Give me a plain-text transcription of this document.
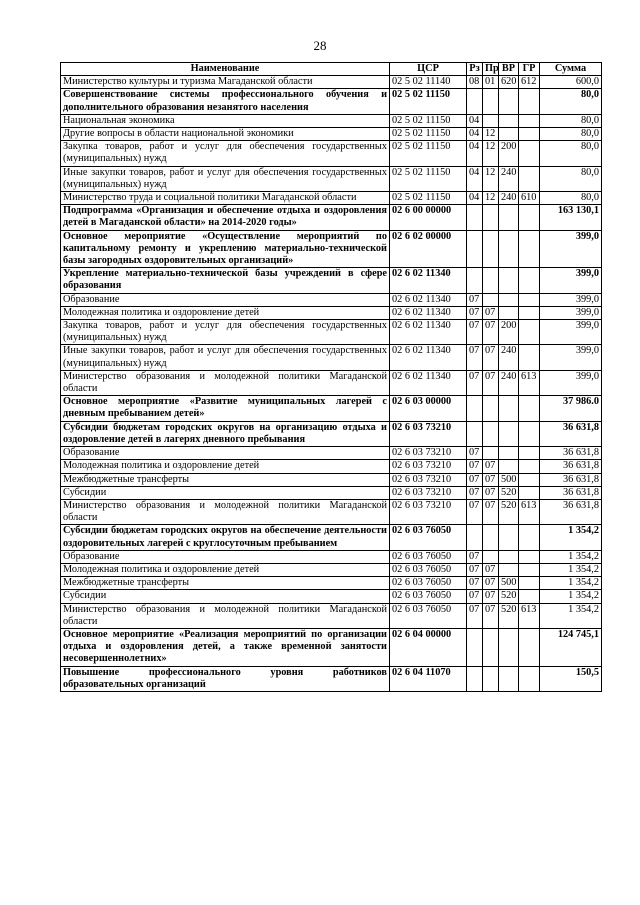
28
Наименование	ЦСР	Рз	Пр	ВР	ГР	Сумма
Министерство культуры и туризма Магаданской области	02 5 02 11140	08	01	620	612	600,0
Совершенствование системы профессионального обучения и дополнительного образования незанятого населения	02 5 02 11150					80,0
Национальная экономика	02 5 02 11150	04				80,0
Другие вопросы в области национальной экономики	02 5 02 11150	04	12			80,0
Закупка товаров, работ и услуг для обеспечения государственных (муниципальных) нужд	02 5 02 11150	04	12	200		80,0
Иные закупки товаров, работ и услуг для обеспечения государственных (муниципальных) нужд	02 5 02 11150	04	12	240		80,0
Министерство труда и социальной политики Магаданской области	02 5 02 11150	04	12	240	610	80,0
Подпрограмма «Организация и обеспечение отдыха и оздоровления детей в Магаданской области» на 2014-2020 годы»	02 6 00 00000					163 130,1
Основное мероприятие «Осуществление мероприятий по капитальному ремонту и укреплению материально-технической базы загородных оздоровительных организаций»	02 6 02 00000					399,0
Укрепление материально-технической базы учреждений в сфере образования	02 6 02 11340					399,0
Образование	02 6 02 11340	07				399,0
Молодежная политика и оздоровление детей	02 6 02 11340	07	07			399,0
Закупка товаров, работ и услуг для обеспечения государственных (муниципальных) нужд	02 6 02 11340	07	07	200		399,0
Иные закупки товаров, работ и услуг для обеспечения государственных (муниципальных) нужд	02 6 02 11340	07	07	240		399,0
Министерство образования и молодежной политики Магаданской области	02 6 02 11340	07	07	240	613	399,0
Основное мероприятие «Развитие муниципальных лагерей с дневным пребыванием детей»	02 6 03 00000					37 986.0
Субсидии бюджетам городских округов на организацию отдыха и оздоровление детей в лагерях дневного пребывания	02 6 03 73210					36 631,8
Образование	02 6 03 73210	07				36 631,8
Молодежная политика и оздоровление детей	02 6 03 73210	07	07			36 631,8
Межбюджетные трансферты	02 6 03 73210	07	07	500		36 631,8
Субсидии	02 6 03 73210	07	07	520		36 631,8
Министерство образования и молодежной политики Магаданской области	02 6 03 73210	07	07	520	613	36 631,8
Субсидии бюджетам городских округов на обеспечение деятельности оздоровительных лагерей с круглосуточным пребыванием	02 6 03 76050					1 354,2
Образование	02 6 03 76050	07				1 354,2
Молодежная политика и оздоровление детей	02 6 03 76050	07	07			1 354,2
Межбюджетные трансферты	02 6 03 76050	07	07	500		1 354,2
Субсидии	02 6 03 76050	07	07	520		1 354,2
Министерство образования и молодежной политики Магаданской области	02 6 03 76050	07	07	520	613	1 354,2
Основное мероприятие «Реализация мероприятий по организации отдыха и оздоровления детей, а также временной занятости несовершеннолетних»	02 6 04 00000					124 745,1
Повышение профессионального уровня работников образовательных организаций	02 6 04 11070					150,5
